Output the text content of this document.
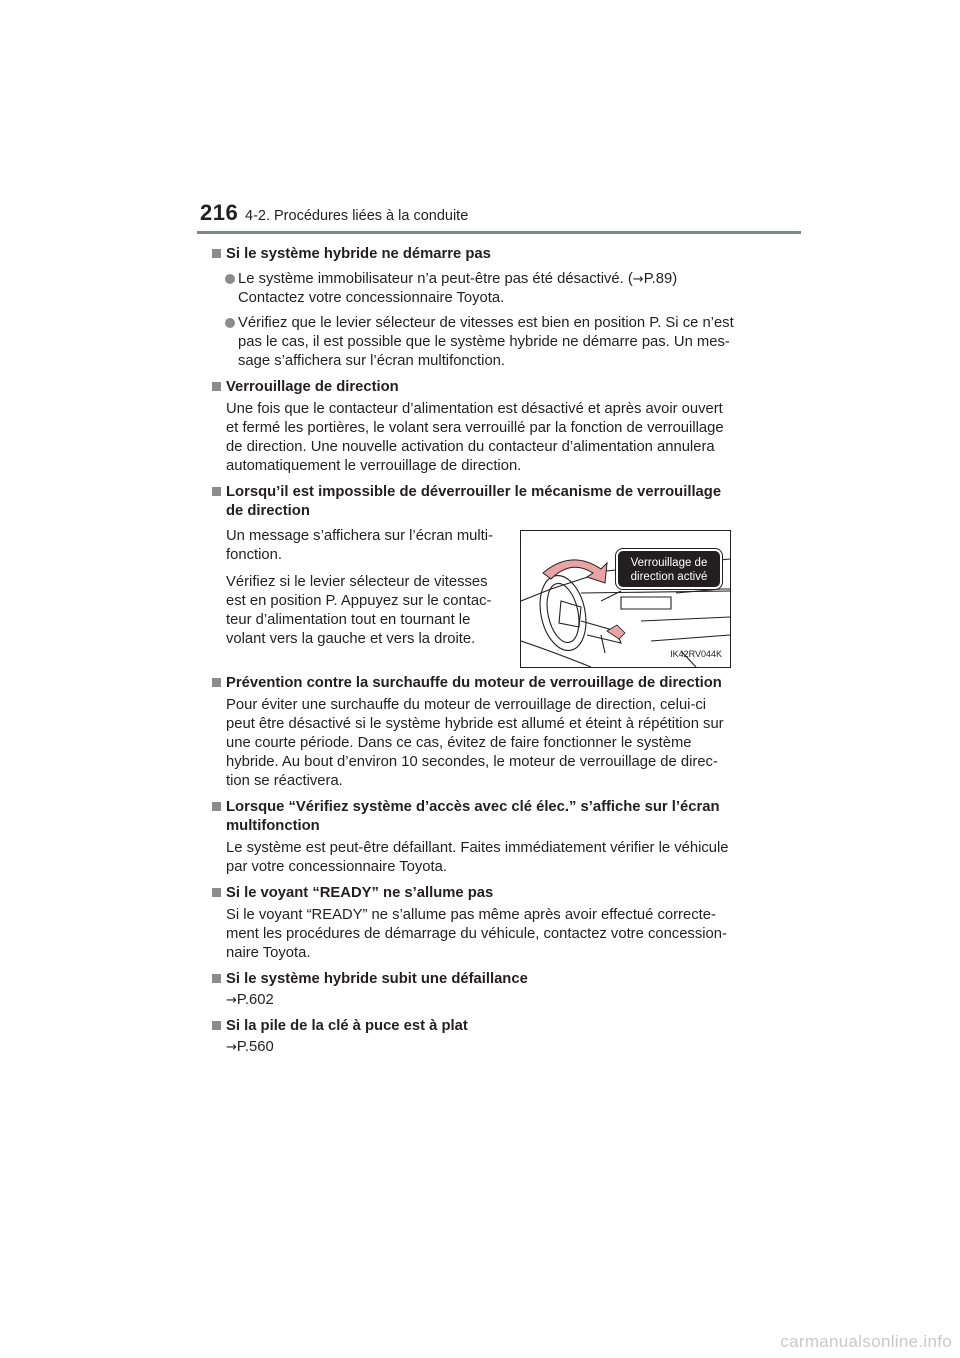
216 4-2. Procédures liées à la conduite
Si le système hybride ne démarre pas
Le système immobilisateur n’a peut-être pas été désactivé. (→P.89)
Contactez votre concessionnaire Toyota.
Vérifiez que le levier sélecteur de vitesses est bien en position P. Si ce n’est
pas le cas, il est possible que le système hybride ne démarre pas. Un mes-
sage s’affichera sur l’écran multifonction.
Verrouillage de direction
Une fois que le contacteur d’alimentation est désactivé et après avoir ouvert
et fermé les portières, le volant sera verrouillé par la fonction de verrouillage
de direction. Une nouvelle activation du contacteur d’alimentation annulera
automatiquement le verrouillage de direction.
Lorsqu’il est impossible de déverrouiller le mécanisme de verrouillage
de direction

Un message s’affichera sur l’écran multi-
fonction.

Vérifiez si le levier sélecteur de vitesses
est en position P. Appuyez sur le contac-
teur d’alimentation tout en tournant le
volant vers la gauche et vers la droite.

Verrouillage de
direction activé
IK42RV044K
Prévention contre la surchauffe du moteur de verrouillage de direction
Pour éviter une surchauffe du moteur de verrouillage de direction, celui-ci
peut être désactivé si le système hybride est allumé et éteint à répétition sur
une courte période. Dans ce cas, évitez de faire fonctionner le système
hybride. Au bout d’environ 10 secondes, le moteur de verrouillage de direc-
tion se réactivera.
Lorsque “Vérifiez système d’accès avec clé élec.” s’affiche sur l’écran
multifonction
Le système est peut-être défaillant. Faites immédiatement vérifier le véhicule
par votre concessionnaire Toyota.
Si le voyant “READY” ne s’allume pas
Si le voyant “READY” ne s’allume pas même après avoir effectué correcte-
ment les procédures de démarrage du véhicule, contactez votre concession-
naire Toyota.
Si le système hybride subit une défaillance
→P.602
Si la pile de la clé à puce est à plat
→P.560
carmanualsonline.info
